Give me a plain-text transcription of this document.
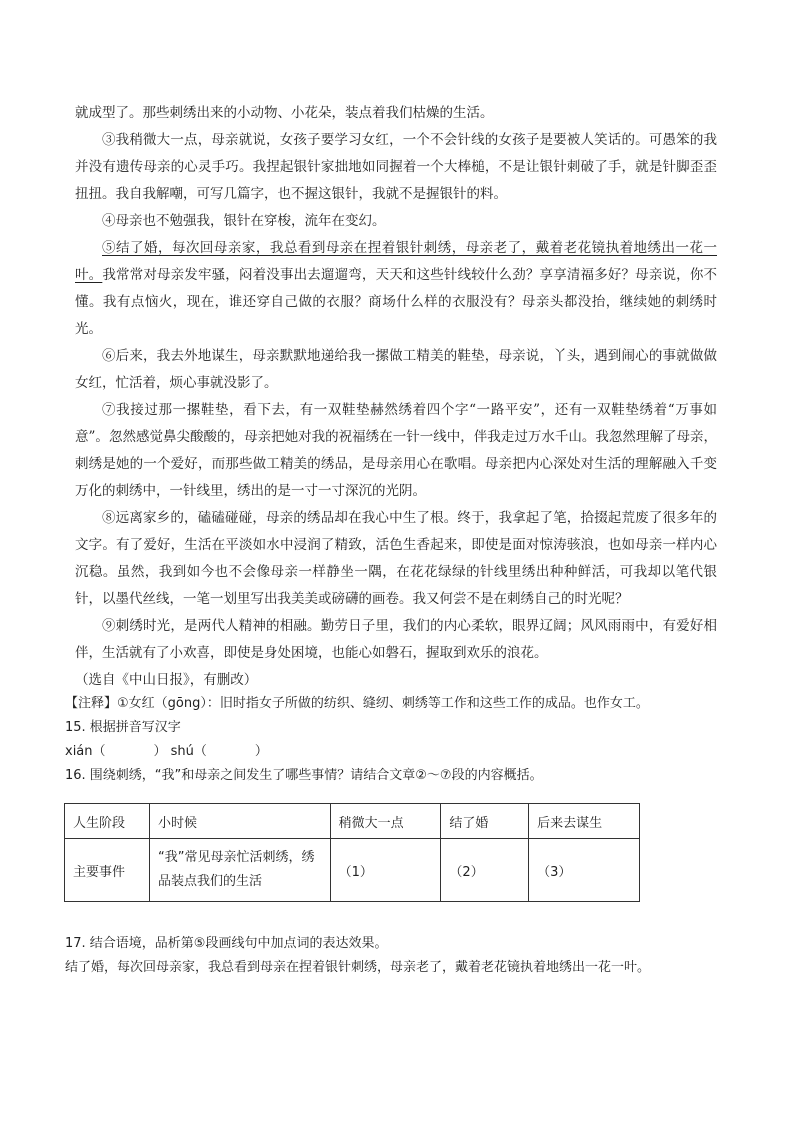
就成型了。那些刺绣出来的小动物、小花朵，装点着我们枯燥的生活。

③我稍微大一点，母亲就说，女孩子要学习女红，一个不会针线的女孩子是要被人笑话的。可愚笨的我并没有遗传母亲的心灵手巧。我捏起银针家拙地如同握着一个大棒槌，不是让银针刺破了手，就是针脚歪歪扭扭。我自我解嘲，可写几篇字，也不握这银针，我就不是握银针的料。

④母亲也不勉强我，银针在穿梭，流年在变幻。

⑤结了婚，每次回母亲家，我总看到母亲在捏着银针刺绣，母亲老了，戴着老花镜执着地绣出一花一叶。我常常对母亲发牢骚，闷着没事出去遛遛弯，天天和这些针线较什么劲？享享清福多好？母亲说，你不懂。我有点恼火，现在，谁还穿自己做的衣服？商场什么样的衣服没有？母亲头都没抬，继续她的刺绣时光。

⑥后来，我去外地谋生，母亲默默地递给我一摞做工精美的鞋垫，母亲说，丫头，遇到闹心的事就做做女红，忙活着，烦心事就没影了。

⑦我接过那一摞鞋垫，看下去，有一双鞋垫赫然绣着四个字“一路平安”，还有一双鞋垫绣着“万事如意”。忽然感觉鼻尖酸酸的，母亲把她对我的祝福绣在一针一线中，伴我走过万水千山。我忽然理解了母亲，刺绣是她的一个爱好，而那些做工精美的绣品，是母亲用心在歌唱。母亲把内心深处对生活的理解融入千变万化的刺绣中，一针线里，绣出的是一寸一寸深沉的光阴。

⑧远离家乡的，磕磕碰碰，母亲的绣品却在我心中生了根。终于，我拿起了笔，拾掇起荒废了很多年的文字。有了爱好，生活在平淡如水中浸润了精致，活色生香起来，即使是面对惊涛骇浪，也如母亲一样内心沉稳。虽然，我到如今也不会像母亲一样静坐一隅，在花花绿绿的针线里绣出种种鲜活，可我却以笔代银针，以墨代丝线，一笔一划里写出我美美或磅礴的画卷。我又何尝不是在刺绣自己的时光呢？

⑨刺绣时光，是两代人精神的相融。勤劳日子里，我们的内心柔软，眼界辽阔；风风雨雨中，有爱好相伴，生活就有了小欢喜，即使是身处困境，也能心如磐石，握取到欢乐的浪花。

（选自《中山日报》，有删改）

【注释】①女红（gōng）：旧时指女子所做的纺织、缝纫、刺绣等工作和这些工作的成品。也作女工。

15. 根据拼音写汉字

xián（	） shú（	）

16. 围绕刺绣，“我”和母亲之间发生了哪些事情？请结合文章②～⑦段的内容概括。

人生阶段	小时候	稍微大一点	结了婚	后来去谋生
主要事件	“我”常见母亲忙活刺绣，绣品装点我们的生活	（1）	（2）	（3）

17. 结合语境，品析第⑤段画线句中加点词的表达效果。

结了婚，每次回母亲家，我总看到母亲在捏着银针刺绣，母亲老了，戴着老花镜执着地绣出一花一叶。
